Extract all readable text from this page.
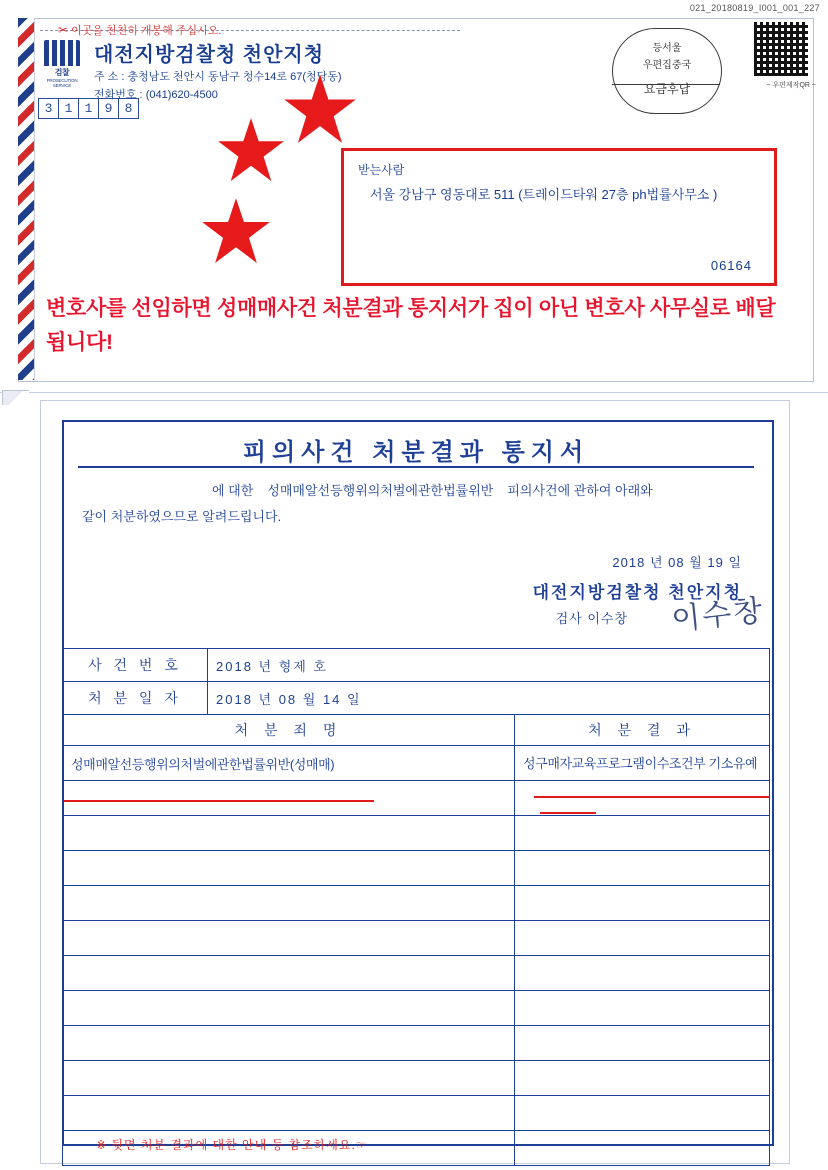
021_20180819_I001_001_227
✂ 이곳을 천천히 개봉해 주십시오.
검찰
PROSECUTION SERVICE
대전지방검찰청 천안지청
주 소 : 충청남도 천안시 동남구 청수14로 67(청당동)
전화번호 : (041)620-4500
3 1 1 9 8
등서울
우편집중국
요금후납	~ 우편제작QR ~
받는사람
서울 강남구 영동대로 511 (트레이드타워 27층 ph법률사무소 )
06164
변호사를 선임하면 성매매사건 처분결과 통지서가 집이 아닌 변호사 사무실로 배달됩니다!
피의사건 처분결과 통지서
에 대한 성매매알선등행위의처벌에관한법률위반 피의사건에 관하여 아래와
같이 처분하였으므로 알려드립니다.
2018 년 08 월 19 일
대전지방검찰청 천안지청
검사 이수창 이수창
사 건 번 호	2018 년 형제 호	
처 분 일 자	2018 년 08 월 14 일	
처 분 죄 명		처 분 결 과
성매매알선등행위의처벌에관한법률위반(성매매)		성구매자교육프로그램이수조건부 기소유예

※ 뒷면 처분 결과에 대한 안내 등 참조하세요.☞
